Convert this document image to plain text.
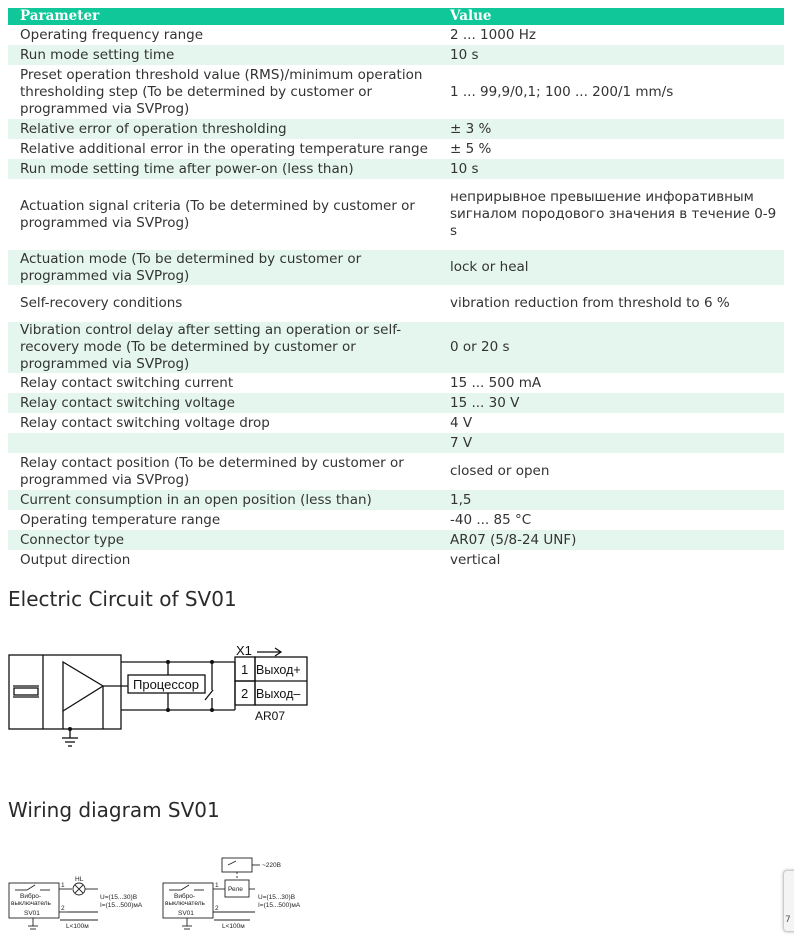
Parameter	Value
Operating frequency range	2 ... 1000 Hz
Run mode setting time	10 s
Preset operation threshold value (RMS)/minimum operation thresholding step (To be determined by customer or programmed via SVProg)	1 ... 99,9/0,1; 100 ... 200/1 mm/s
Relative error of operation thresholding	± 3 %
Relative additional error in the operating temperature range	± 5 %
Run mode setting time after power-on (less than)	10 s
Actuation signal criteria (To be determined by customer or programmed via SVProg)	неприрывное превышение инфорaтивным sигналом породовогo значения в течение 0-9 s
Actuation mode (To be determined by customer or programmed via SVProg)	lock or heal
Self-recovery conditions	vibration reduction from threshold to 6 %
Vibration control delay after setting an operation or self-recovery mode (To be determined by customer or programmed via SVProg)	0 or 20 s
Relay contact switching current	15 ... 500 mA
Relay contact switching voltage	15 ... 30 V
Relay contact switching voltage drop	4 V
	7 V
Relay contact position (To be determined by customer or programmed via SVProg)	closed or open
Current consumption in an open position (less than)	1,5
Operating temperature range	-40 ... 85 °C
Connector type	AR07 (5/8-24 UNF)
Output direction	vertical
Electric Circuit of SV01
Процессор
X1
1
2
Выход+
Выход–
AR07
Wiring diagram SV01
Вибро-
выключатель
SV01
1
2
HL
U=(15...30)В
I=(15...500)мА
L<100м
Вибро-
выключатель
SV01
1
2
Реле
~220В
U=(15...30)В
I=(15...500)мА
L<100м
7
